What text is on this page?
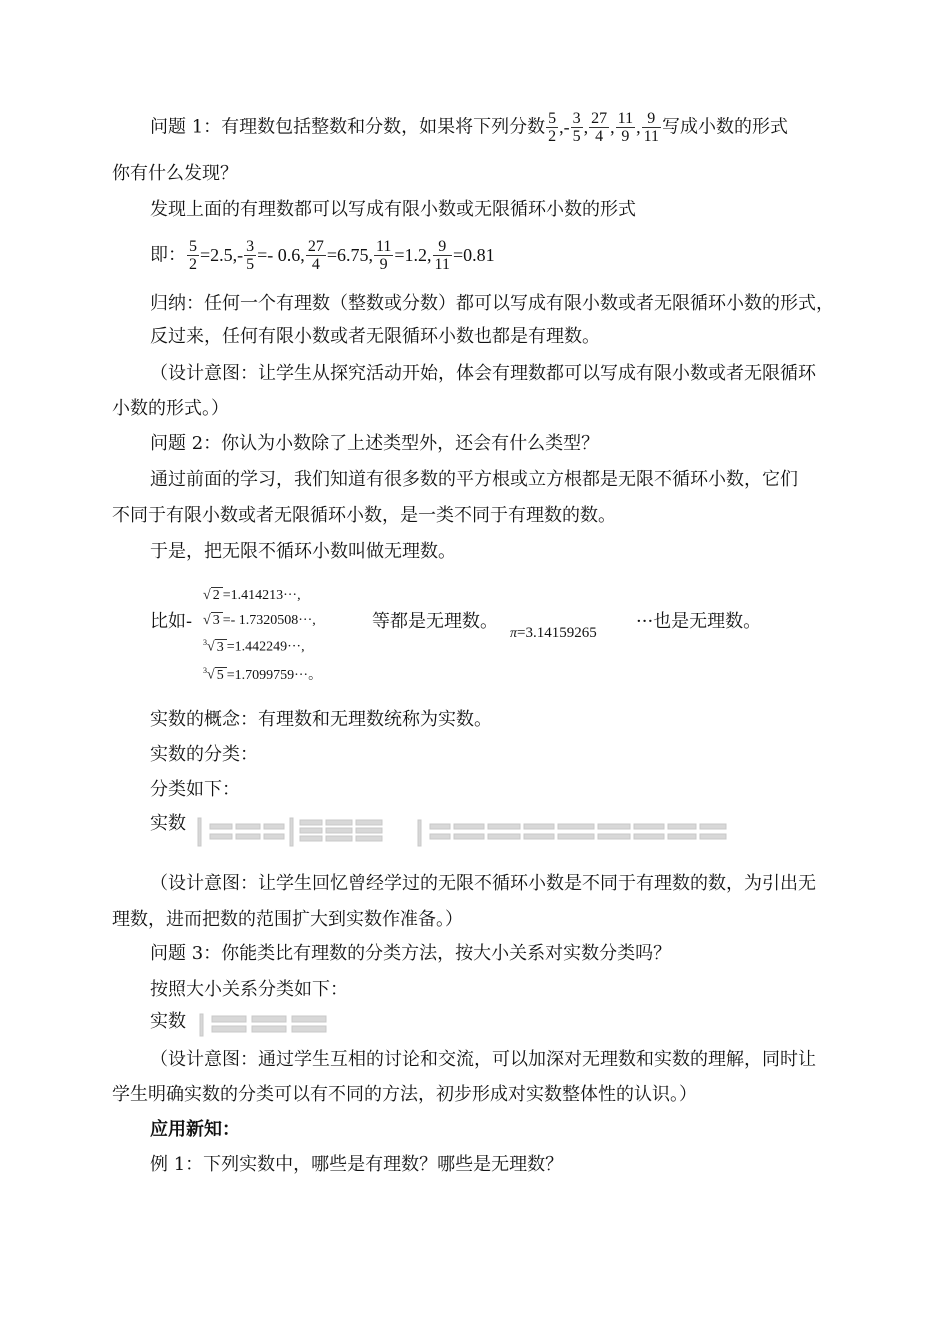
问题 1：有理数包括整数和分数，如果将下列分数 $\frac{5}{2}$ ,- $\frac{3}{5}$ , $\frac{27}{4}$ , $\frac{11}{9}$ , $\frac{9}{11}$ 写成小数的形式
你有什么发现？
发现上面的有理数都可以写成有限小数或无限循环小数的形式
即： $\frac{5}{2} =2.5,- \frac{3}{5} =- 0.6$, $\frac{27}{4} =6.75$, $\frac{11}{9} =1.2$, $\frac{9}{11} =0.81$
归纳：任何一个有理数（整数或分数）都可以写成有限小数或者无限循环小数的形式，
反过来，任何有限小数或者无限循环小数也都是有理数。
（设计意图：让学生从探究活动开始，体会有理数都可以写成有限小数或者无限循环
小数的形式。）
问题 2：你认为小数除了上述类型外，还会有什么类型？
通过前面的学习，我们知道有很多数的平方根或立方根都是无限不循环小数，它们
不同于有限小数或者无限循环小数，是一类不同于有理数的数。
于是，把无限不循环小数叫做无理数。
√ 2 =1.414213···,
比如- √ 3 =- 1.7320508···,	等都是无理数。
π=3.14159265
···也是无理数。
$^3$√ 3 =1.442249···,
$^3$√ 5 =1.7099759···。
实数的概念：有理数和无理数统称为实数。
实数的分类：
分类如下：
实数
（设计意图：让学生回忆曾经学过的无限不循环小数是不同于有理数的数，为引出无
理数，进而把数的范围扩大到实数作准备。）
问题 3：你能类比有理数的分类方法，按大小关系对实数分类吗？
按照大小关系分类如下：
实数
（设计意图：通过学生互相的讨论和交流，可以加深对无理数和实数的理解，同时让
学生明确实数的分类可以有不同的方法，初步形成对实数整体性的认识。）
应用新知：
例 1：下列实数中，哪些是有理数？哪些是无理数？
